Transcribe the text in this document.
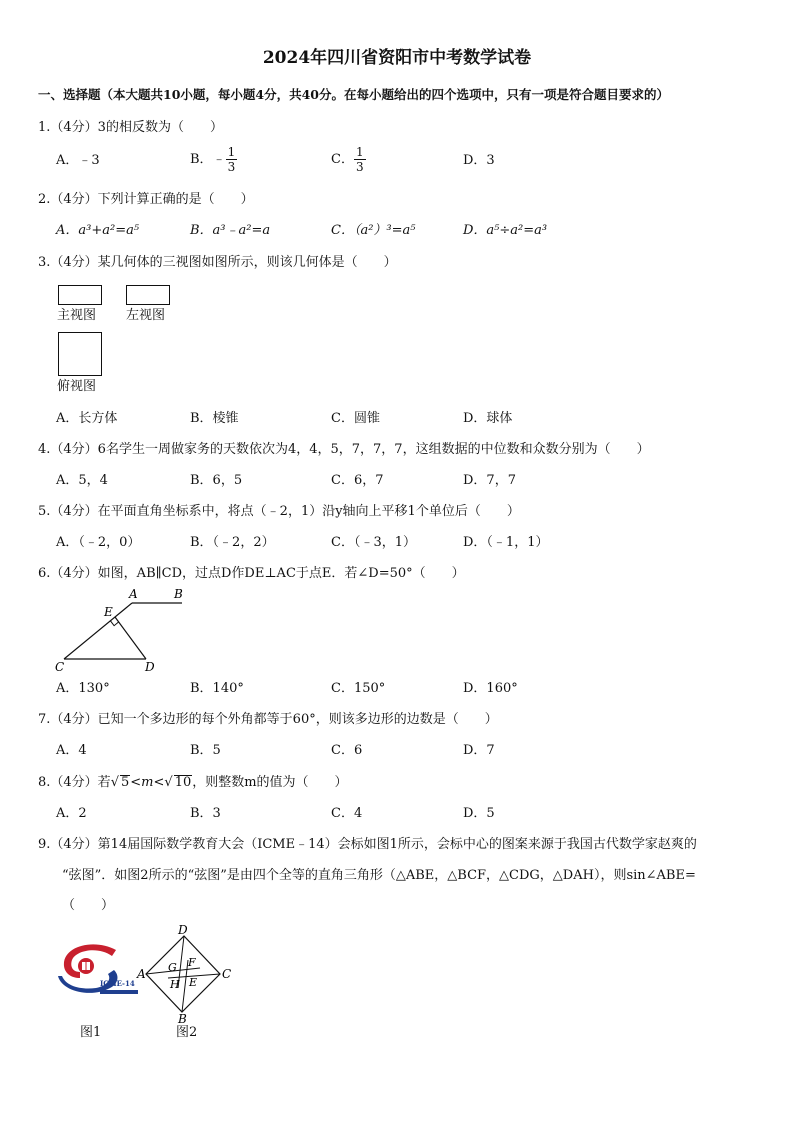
2024年四川省资阳市中考数学试卷
一、选择题（本大题共10小题，每小题4分，共40分。在每小题给出的四个选项中，只有一项是符合题目要求的）
1.（4分）3的相反数为（　　）
A．﹣3	B．﹣ $\frac{1}{3}$	C． $\frac{1}{3}$	D．3
2.（4分）下列计算正确的是（　　）
A．a³+a²=a⁵	B．a³﹣a²=a	C．（a²）³=a⁵	D．a⁵÷a²=a³
3.（4分）某几何体的三视图如图所示，则该几何体是（　　）
主视图 左视图
俯视图
A．长方体	B．棱锥	C．圆锥	D．球体
4.（4分）6名学生一周做家务的天数依次为4，4，5，7，7，7，这组数据的中位数和众数分别为（　　）
A．5，4	B．6，5	C．6，7	D．7，7
5.（4分）在平面直角坐标系中，将点（﹣2，1）沿y轴向上平移1个单位后（　　）
A．（﹣2，0）	B．（﹣2，2）	C．（﹣3，1）	D．（﹣1，1）
6.（4分）如图，AB∥CD，过点D作DE⊥AC于点E．若∠D=50°（　　）
A	B
E
C	D
A．130°	B．140°	C．150°	D．160°
7.（4分）已知一个多边形的每个外角都等于60°，则该多边形的边数是（　　）
A．4	B．5	C．6	D．7
8.（4分）若√ 5<m<√ 10，则整数m的值为（　　）
A．2	B．3	C．4	D．5
9.（4分）第14届国际数学教育大会（ICME﹣14）会标如图1所示，会标中心的图案来源于我国古代数学家赵爽的
“弦图”．如图2所示的“弦图”是由四个全等的直角三角形（△ABE，△BCF，△CDG，△DAH），则sin∠ABE=
（　　）
ICME-14
图1
D
A	C
B
G F
H E
图2
